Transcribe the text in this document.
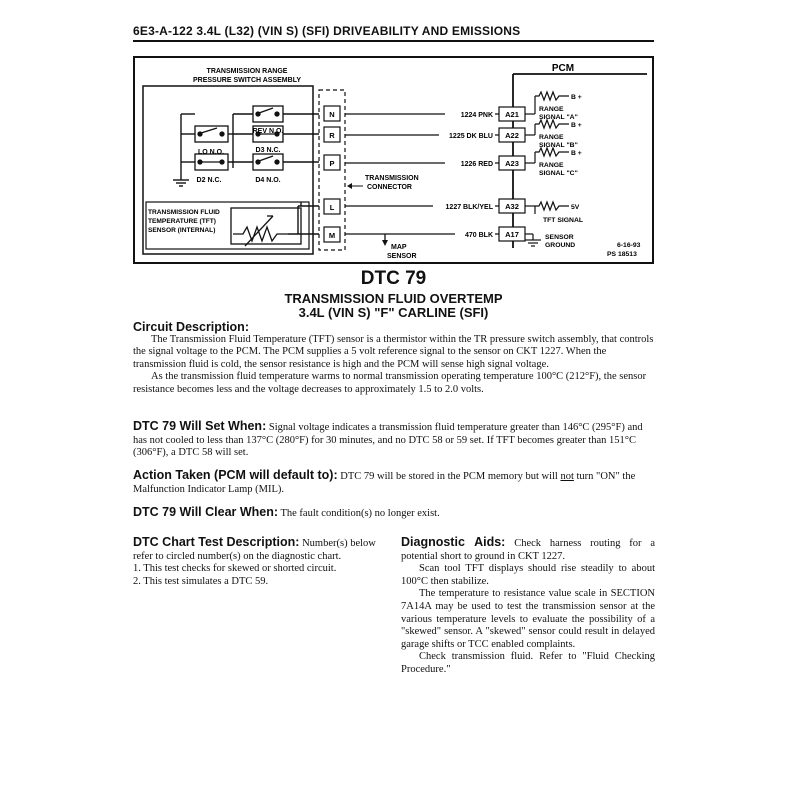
6E3-A-122 3.4L (L32) (VIN S) (SFI) DRIVEABILITY AND EMISSIONS
TRANSMISSION RANGE
PRESSURE SWITCH ASSEMBLY
REV N.O.
LO N.O.	D3 N.C.
D2 N.C.	D4 N.O.
TRANSMISSION FLUID
TEMPERATURE (TFT)
SENSOR (INTERNAL)
N
R
P
L
M
TRANSMISSION
CONNECTOR
MAP
SENSOR
1224 PNK
1225 DK BLU
1226 RED
1227 BLK/YEL
470 BLK
PCM
A21
A22
A23
A32
A17
B +
B +
B +
RANGE
SIGNAL "A"
RANGE
SIGNAL "B"
RANGE
SIGNAL "C"
5V
TFT SIGNAL
SENSOR
GROUND	6-16-93
PS 18513
DTC 79
TRANSMISSION FLUID OVERTEMP
3.4L (VIN S) "F" CARLINE (SFI)
Circuit Description:

The Transmission Fluid Temperature (TFT) sensor is a thermistor within the TR pressure switch assembly, that controls the signal voltage to the PCM. The PCM supplies a 5 volt reference signal to the sensor on CKT 1227. When the transmission fluid is cold, the sensor resistance is high and the PCM will sense high signal voltage.

As the transmission fluid temperature warms to normal transmission operating temperature 100°C (212°F), the sensor resistance becomes less and the voltage decreases to approximately 1.5 to 2.0 volts.

DTC 79 Will Set When: Signal voltage indicates a transmission fluid temperature greater than 146°C (295°F) and has not cooled to less than 137°C (280°F) for 30 minutes, and no DTC 58 or 59 set. If TFT becomes greater than 151°C (306°F), a DTC 58 will set.
Action Taken (PCM will default to): DTC 79 will be stored in the PCM memory but will not turn "ON" the Malfunction Indicator Lamp (MIL).
DTC 79 Will Clear When: The fault condition(s) no longer exist.

DTC Chart Test Description: Number(s) below refer to circled number(s) on the diagnostic chart.

1. This test checks for skewed or shorted circuit.

2. This test simulates a DTC 59.

Diagnostic Aids: Check harness routing for a potential short to ground in CKT 1227.

Scan tool TFT displays should rise steadily to about 100°C then stabilize.

The temperature to resistance value scale in SECTION 7A14A may be used to test the transmission sensor at the various temperature levels to evaluate the possibility of a "skewed" sensor. A "skewed" sensor could result in delayed garage shifts or TCC enabled complaints.

Check transmission fluid. Refer to "Fluid Checking Procedure."
